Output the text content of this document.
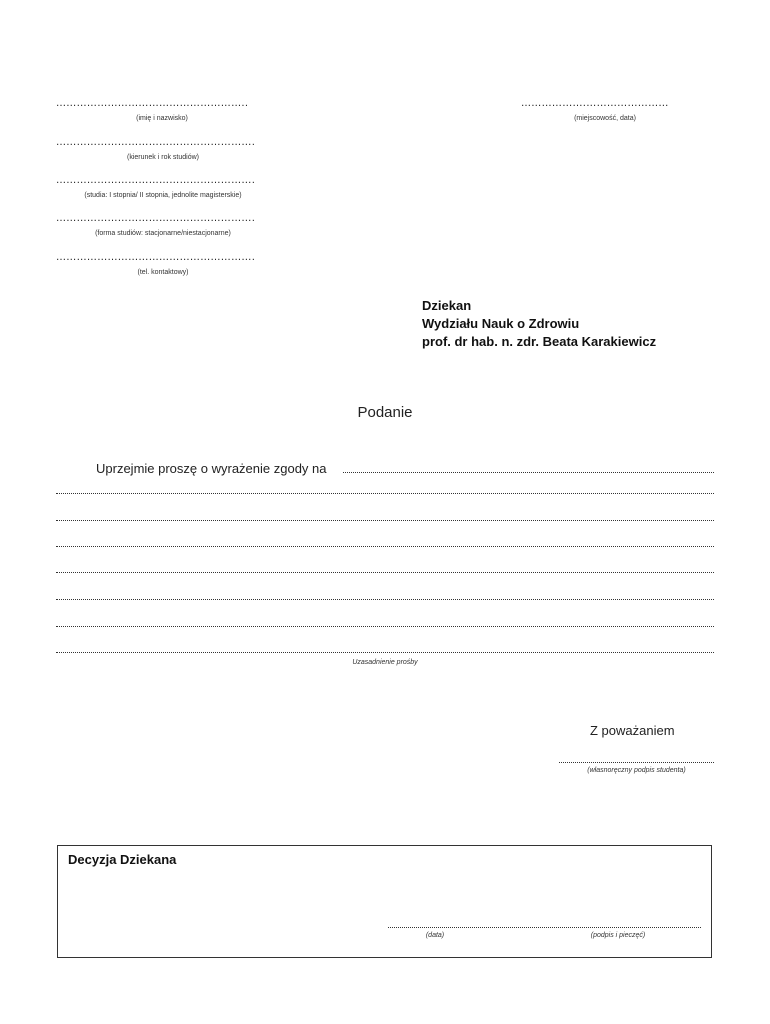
………………………………………………..
(imię i nazwisko)
………………………………………………….
(kierunek i rok studiów)
………………………………………………….
(studia: I stopnia/ II stopnia, jednolite magisterskie)
………………………………………………….
(forma studiów: stacjonarne/niestacjonarne)
………………………………………………….
(tel. kontaktowy)
……………….……………………
(miejscowość, data)
Dziekan
Wydziału Nauk o Zdrowiu
prof. dr hab. n. zdr. Beata Karakiewicz
Podanie
Uprzejmie proszę o wyrażenie zgody na
Uzasadnienie prośby
Z poważaniem
(własnoręczny podpis studenta)
Decyzja Dziekana
(data)	(podpis i pieczęć)
